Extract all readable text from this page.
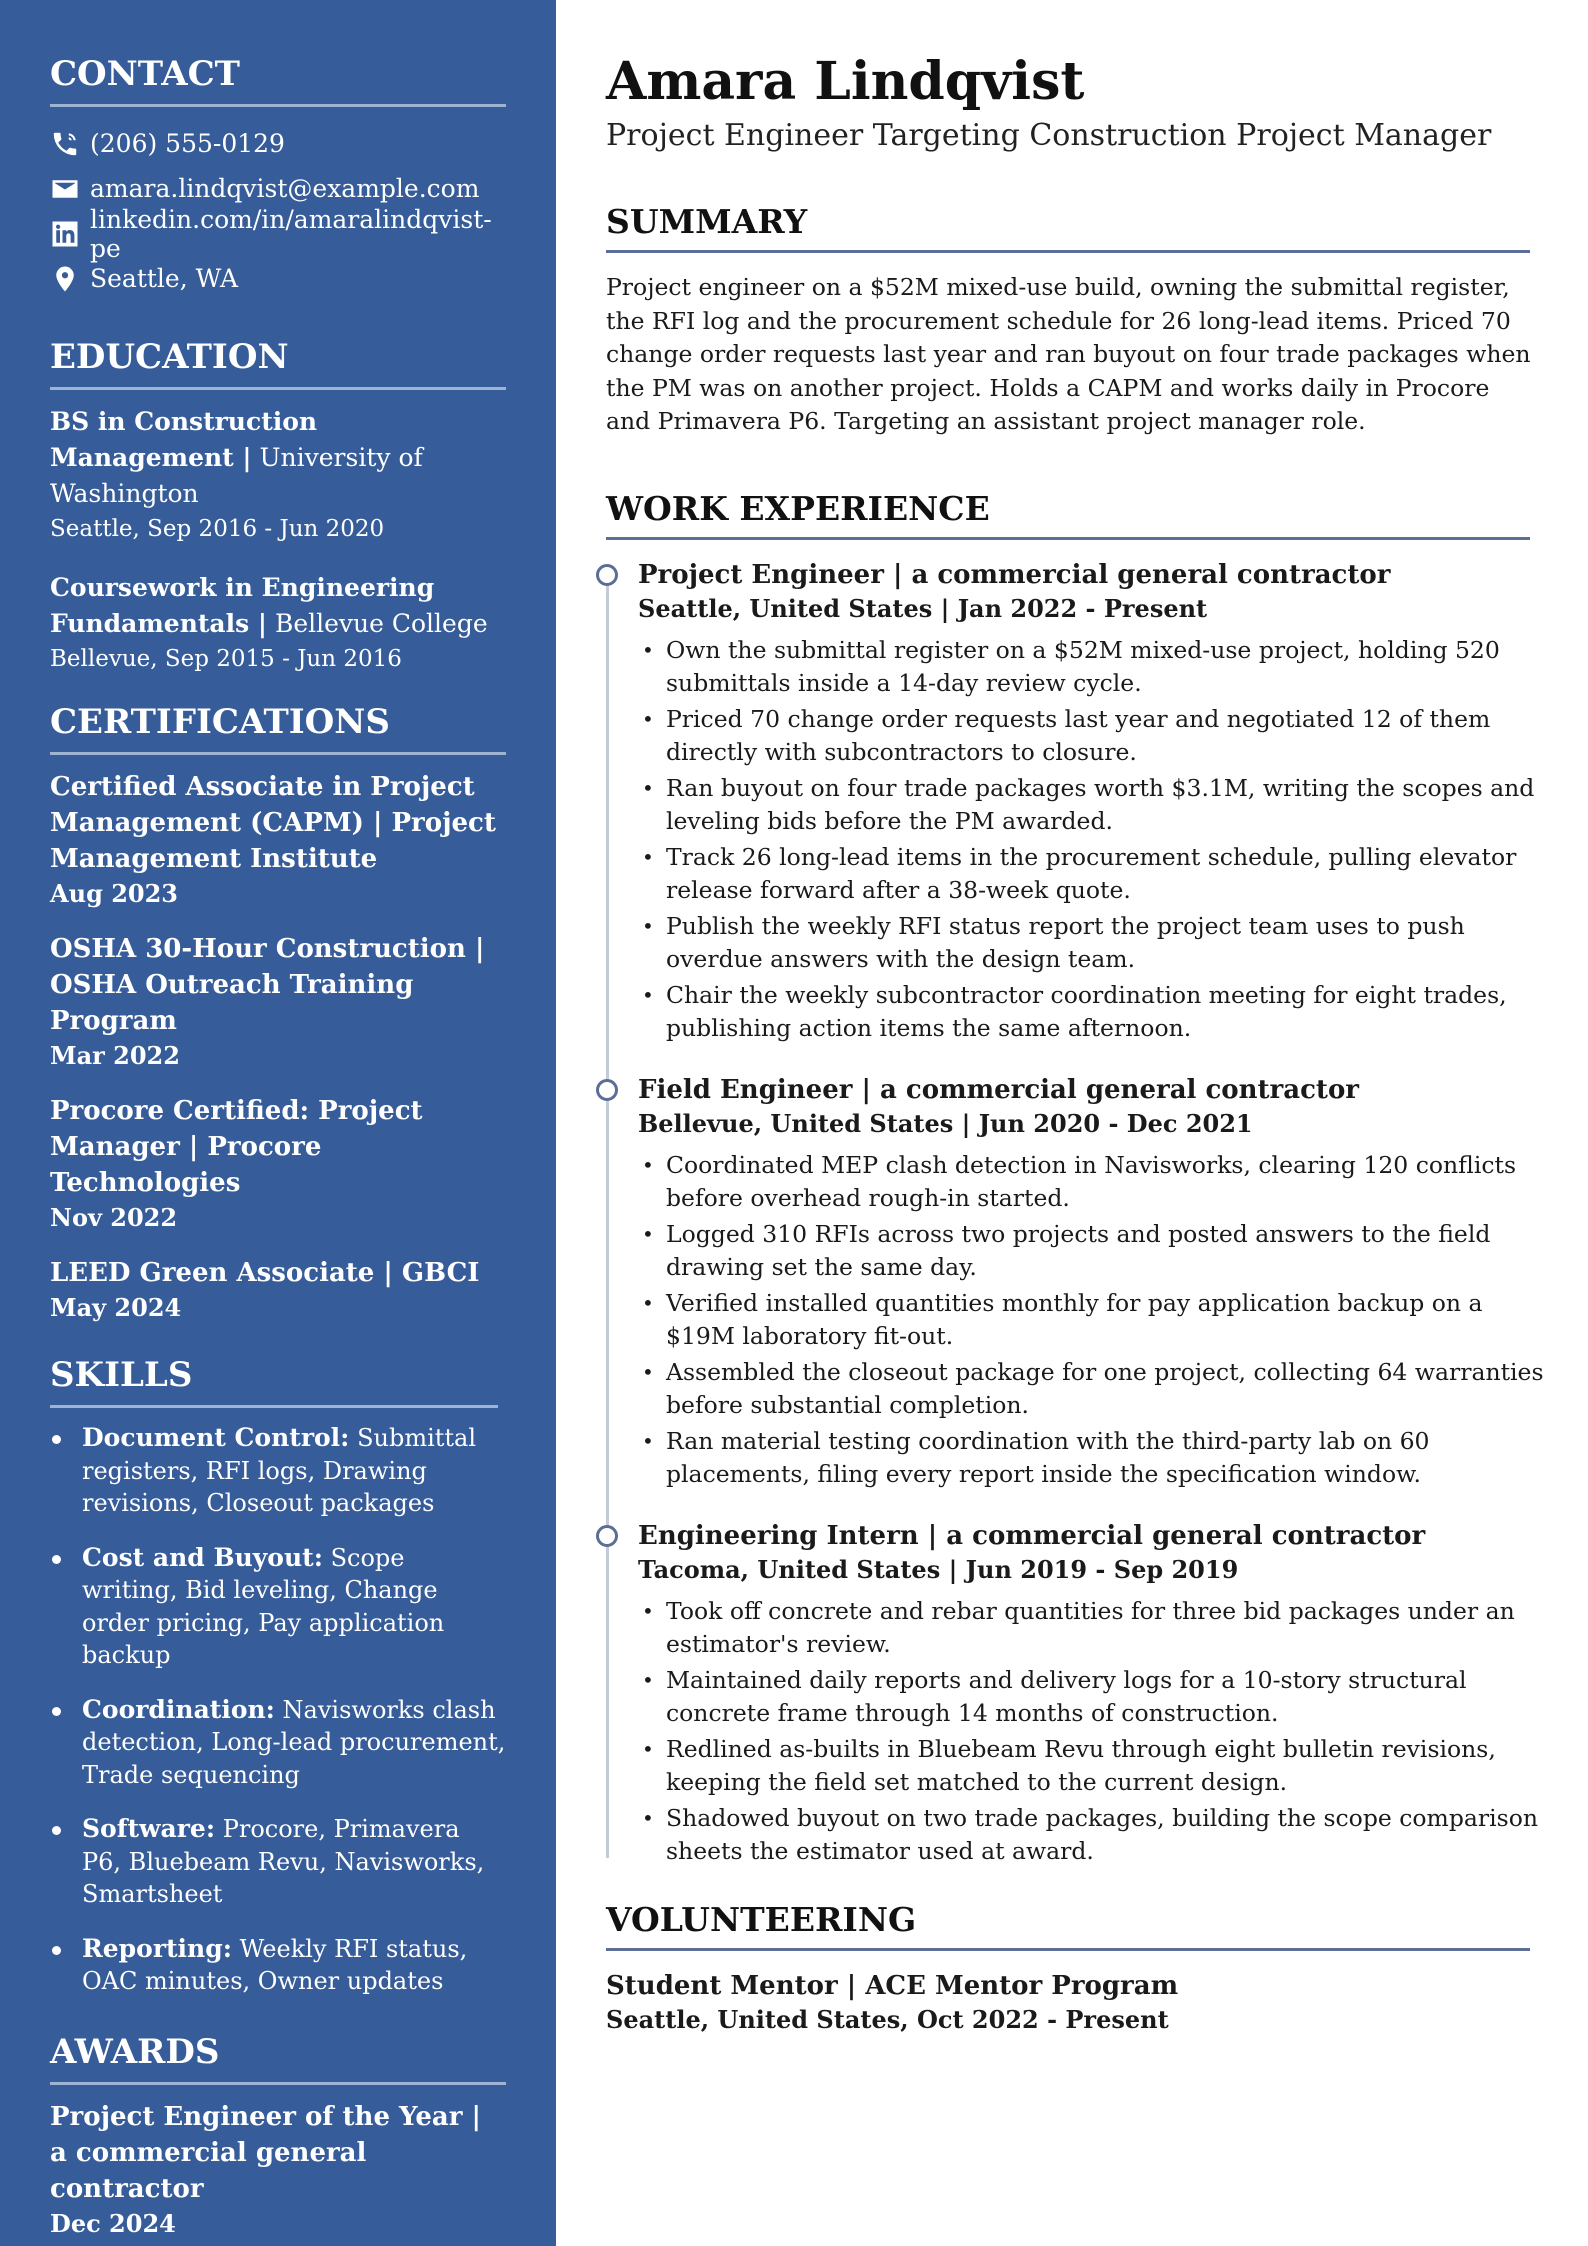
CONTACT
(206) 555-0129
amara.lindqvist@example.com
linkedin.com/in/amaralindqvist-pe
Seattle, WA
EDUCATION
BS in Construction Management | University of Washington
Seattle, Sep 2016 - Jun 2020
Coursework in Engineering Fundamentals | Bellevue College
Bellevue, Sep 2015 - Jun 2016
CERTIFICATIONS
Certified Associate in Project Management (CAPM) | Project Management Institute
Aug 2023
OSHA 30-Hour Construction | OSHA Outreach Training Program
Mar 2022
Procore Certified: Project Manager | Procore Technologies
Nov 2022
LEED Green Associate | GBCI
May 2024
SKILLS
Document Control: Submittal registers, RFI logs, Drawing revisions, Closeout packages
Cost and Buyout: Scope writing, Bid leveling, Change order pricing, Pay application backup
Coordination: Navisworks clash detection, Long-lead procurement, Trade sequencing
Software: Procore, Primavera P6, Bluebeam Revu, Navisworks, Smartsheet
Reporting: Weekly RFI status, OAC minutes, Owner updates
AWARDS
Project Engineer of the Year | a commercial general contractor
Dec 2024
Amara Lindqvist
Project Engineer Targeting Construction Project Manager
SUMMARY

Project engineer on a $52M mixed-use build, owning the submittal register, the RFI log and the procurement schedule for 26 long-lead items. Priced 70 change order requests last year and ran buyout on four trade packages when the PM was on another project. Holds a CAPM and works daily in Procore and Primavera P6. Targeting an assistant project manager role.

WORK EXPERIENCE
Project Engineer | a commercial general contractor
Seattle, United States | Jan 2022 - Present
• Own the submittal register on a $52M mixed-use project, holding 520 submittals inside a 14-day review cycle.
• Priced 70 change order requests last year and negotiated 12 of them directly with subcontractors to closure.
• Ran buyout on four trade packages worth $3.1M, writing the scopes and leveling bids before the PM awarded.
• Track 26 long-lead items in the procurement schedule, pulling elevator release forward after a 38-week quote.
• Publish the weekly RFI status report the project team uses to push overdue answers with the design team.
• Chair the weekly subcontractor coordination meeting for eight trades, publishing action items the same afternoon.
Field Engineer | a commercial general contractor
Bellevue, United States | Jun 2020 - Dec 2021
• Coordinated MEP clash detection in Navisworks, clearing 120 conflicts before overhead rough-in started.
• Logged 310 RFIs across two projects and posted answers to the field drawing set the same day.
• Verified installed quantities monthly for pay application backup on a $19M laboratory fit-out.
• Assembled the closeout package for one project, collecting 64 warranties before substantial completion.
• Ran material testing coordination with the third-party lab on 60 placements, filing every report inside the specification window.
Engineering Intern | a commercial general contractor
Tacoma, United States | Jun 2019 - Sep 2019
• Took off concrete and rebar quantities for three bid packages under an estimator's review.
• Maintained daily reports and delivery logs for a 10-story structural concrete frame through 14 months of construction.
• Redlined as-builts in Bluebeam Revu through eight bulletin revisions, keeping the field set matched to the current design.
• Shadowed buyout on two trade packages, building the scope comparison sheets the estimator used at award.
VOLUNTEERING
Student Mentor | ACE Mentor Program
Seattle, United States, Oct 2022 - Present
